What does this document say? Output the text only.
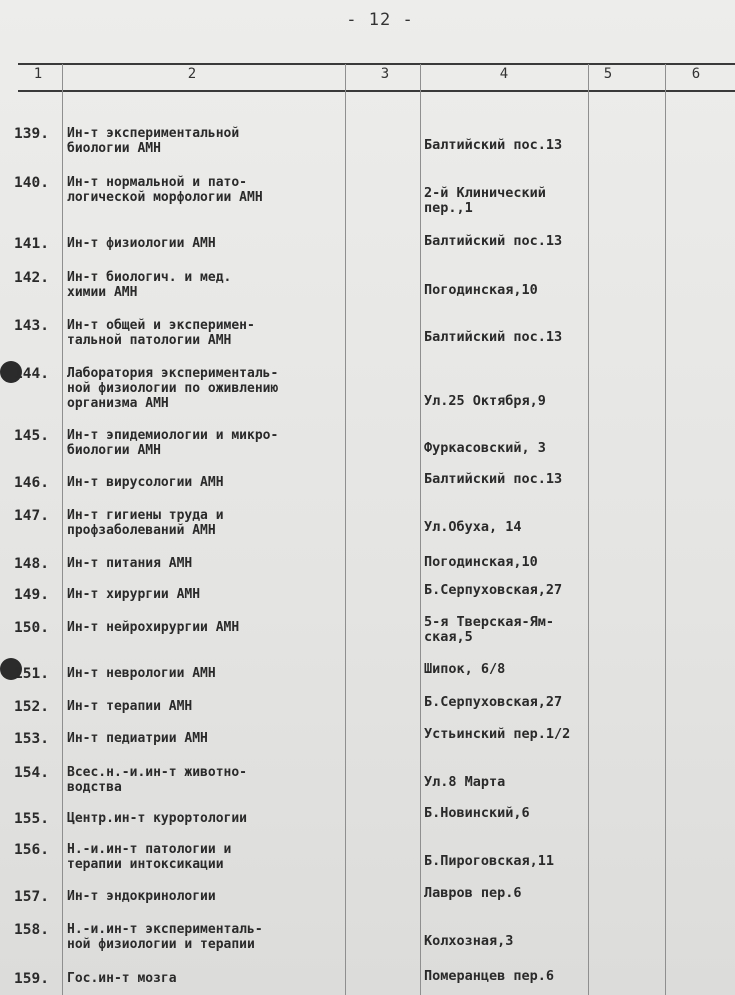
- 12 -
1	2	3	4	5	6
139.	Ин-т экспериментальной
биологии АМН	Балтийский пос.13
140.	Ин-т нормальной и пато-
логической морфологии АМН	2-й Клинический
пер.,1
141.	Ин-т физиологии АМН	Балтийский пос.13
142.	Ин-т биологич. и мед.
химии АМН	Погодинская,10
143.	Ин-т общей и эксперимен-
тальной патологии АМН	Балтийский пос.13
144.	Лаборатория эксперименталь-
ной физиологии по оживлению
организма АМН	Ул.25 Октября,9
145.	Ин-т эпидемиологии и микро-
биологии АМН	Фуркасовский, 3
146.	Ин-т вирусологии АМН	Балтийский пос.13
147.	Ин-т гигиены труда и
профзаболеваний АМН	Ул.Обуха, 14
148.	Ин-т питания АМН	Погодинская,10
149.	Ин-т хирургии АМН	Б.Серпуховская,27
150.	Ин-т нейрохирургии АМН	5-я Тверская-Ям-
ская,5
151.	Ин-т неврологии АМН	Шипок, 6/8
152.	Ин-т терапии АМН	Б.Серпуховская,27
153.	Ин-т педиатрии АМН	Устьинский пер.1/2
154.	Всес.н.-и.ин-т животно-
водства	Ул.8 Марта
155.	Центр.ин-т курортологии	Б.Новинский,6
156.	Н.-и.ин-т патологии и
терапии интоксикации	Б.Пироговская,11
157.	Ин-т эндокринологии	Лавров пер.6
158.	Н.-и.ин-т эксперименталь-
ной физиологии и терапии	Колхозная,3
159.	Гос.ин-т мозга	Померанцев пер.6
